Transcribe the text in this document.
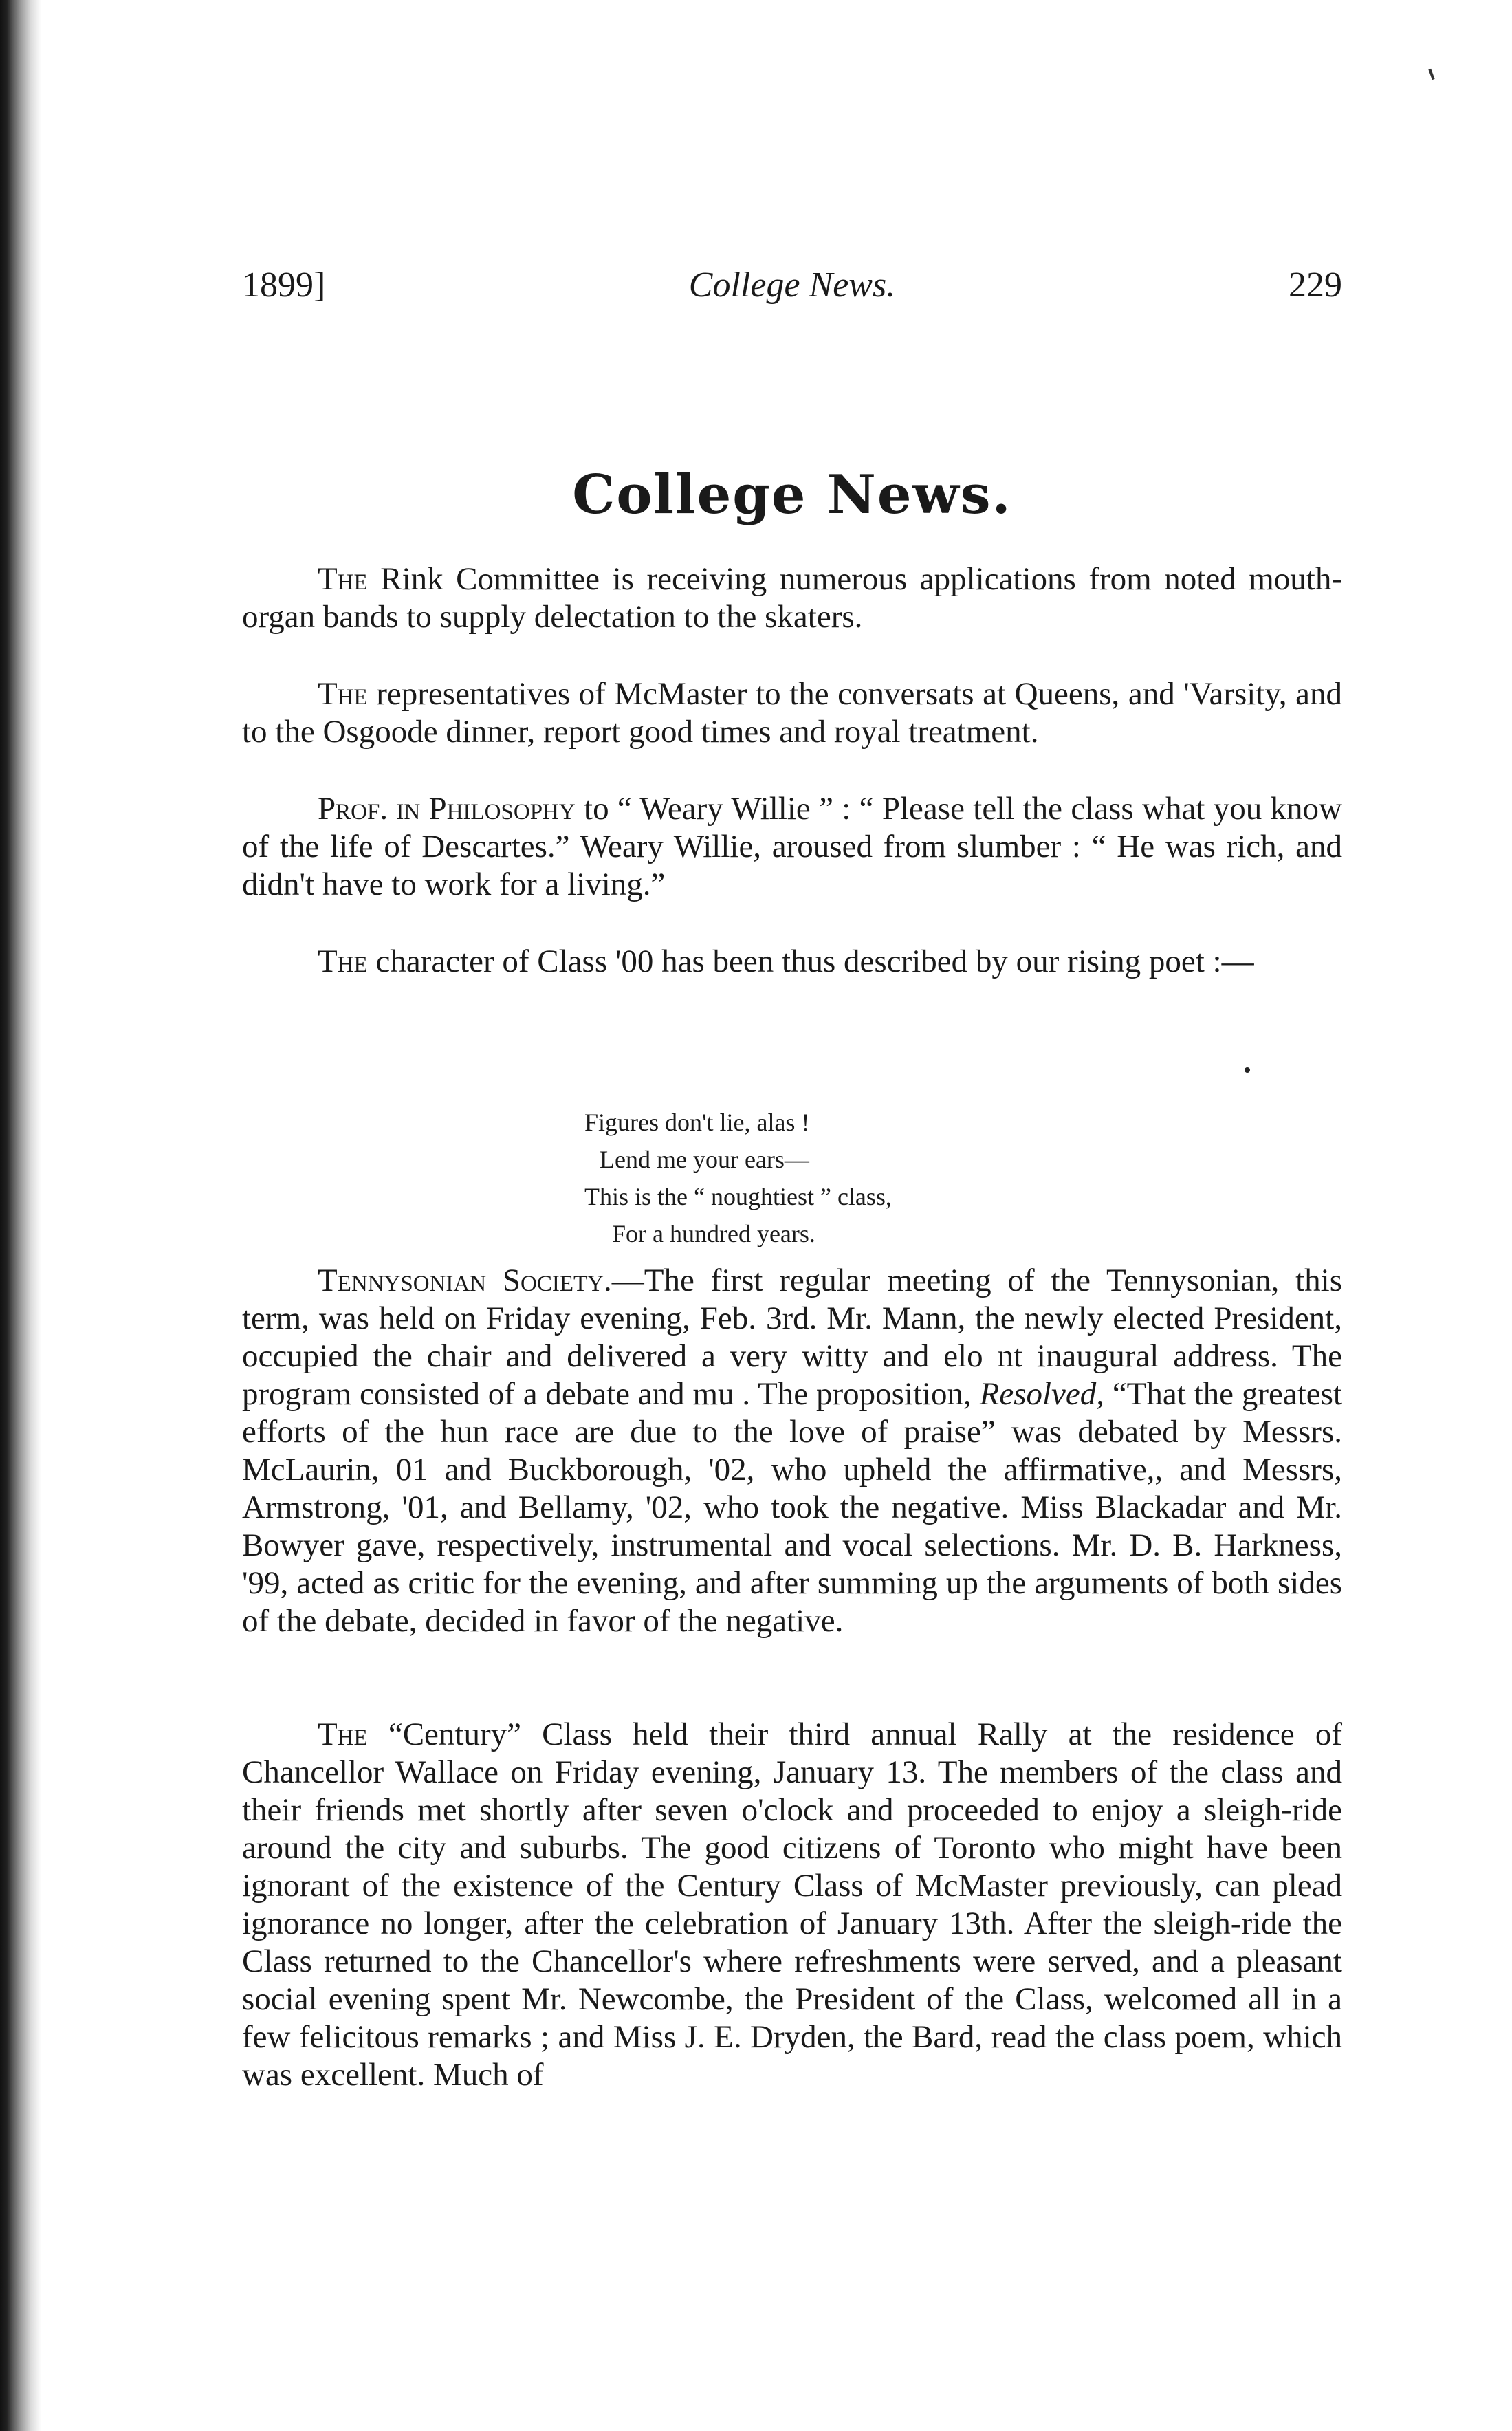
1899]	College News.	229
College News.

The Rink Committee is receiving numerous applications from noted mouth-organ bands to supply delectation to the skaters.

The representatives of McMaster to the conversats at Queens, and 'Varsity, and to the Osgoode dinner, report good times and royal treatment.

Prof. in Philosophy to “ Weary Willie ” : “ Please tell the class what you know of the life of Descartes.” Weary Willie, aroused from slumber : “ He was rich, and didn't have to work for a living.”

The character of Class '00 has been thus described by our rising poet :—

Figures don't lie, alas !
Lend me your ears—
This is the “ noughtiest ” class,
For a hundred years.

Tennysonian Society.—The first regular meeting of the Tennysonian, this term, was held on Friday evening, Feb. 3rd. Mr. Mann, the newly elected President, occupied the chair and delivered a very witty and elo nt inaugural address. The program consisted of a debate and mu . The proposition, Resolved, “That the greatest efforts of the hun race are due to the love of praise” was debated by Messrs. McLaurin, 01 and Buckborough, '02, who upheld the affirmative,, and Messrs, Armstrong, '01, and Bellamy, '02, who took the negative. Miss Blackadar and Mr. Bowyer gave, respectively, instrumental and vocal selections. Mr. D. B. Harkness, '99, acted as critic for the evening, and after summing up the arguments of both sides of the debate, decided in favor of the negative.

The “Century” Class held their third annual Rally at the residence of Chancellor Wallace on Friday evening, January 13. The members of the class and their friends met shortly after seven o'clock and proceeded to enjoy a sleigh-ride around the city and suburbs. The good citizens of Toronto who might have been ignorant of the existence of the Century Class of McMaster previously, can plead ignorance no longer, after the celebration of January 13th. After the sleigh-ride the Class returned to the Chancellor's where refreshments were served, and a pleasant social evening spent Mr. Newcombe, the President of the Class, welcomed all in a few felicitous remarks ; and Miss J. E. Dryden, the Bard, read the class poem, which was excellent. Much of
